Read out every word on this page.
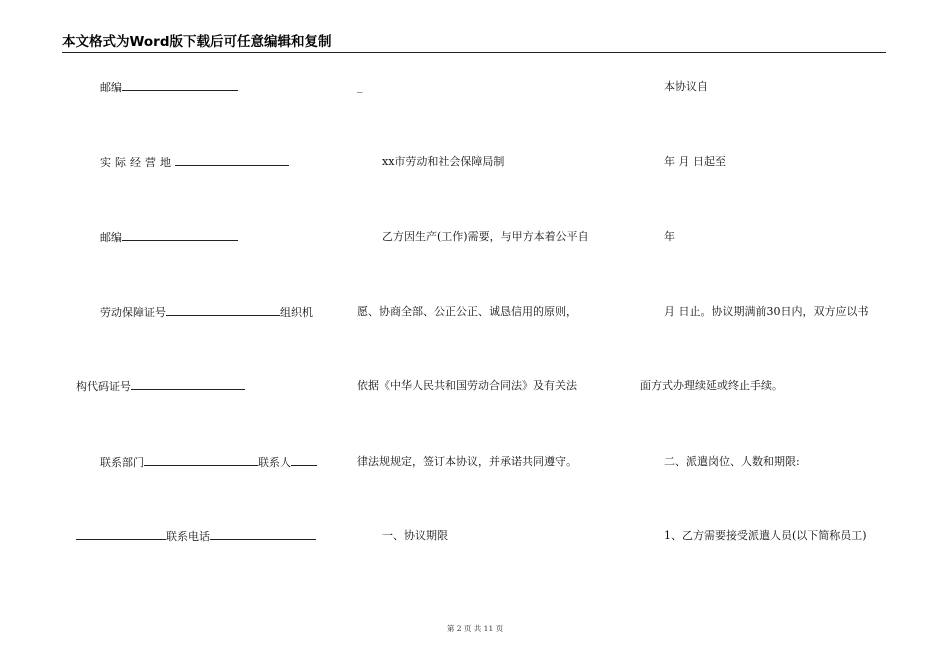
本文格式为Word版下载后可任意编辑和复制
邮编
实际经营地
邮编
劳动保障证号	组织机
构代码证号
联系部门	联系人
联系电话
_
xx市劳动和社会保障局制
乙方因生产(工作)需要，与甲方本着公平自
愿、协商全部、公正公正、诚恳信用的原则，
依据《中华人民共和国劳动合同法》及有关法
律法规规定，签订本协议，并承诺共同遵守。
一、协议期限
本协议自
年 月 日起至
年
月 日止。协议期满前30日内，双方应以书
面方式办理续延或终止手续。
二、派遣岗位、人数和期限:
1、乙方需要接受派遣人员(以下简称员工)
第 2 页 共 11 页
